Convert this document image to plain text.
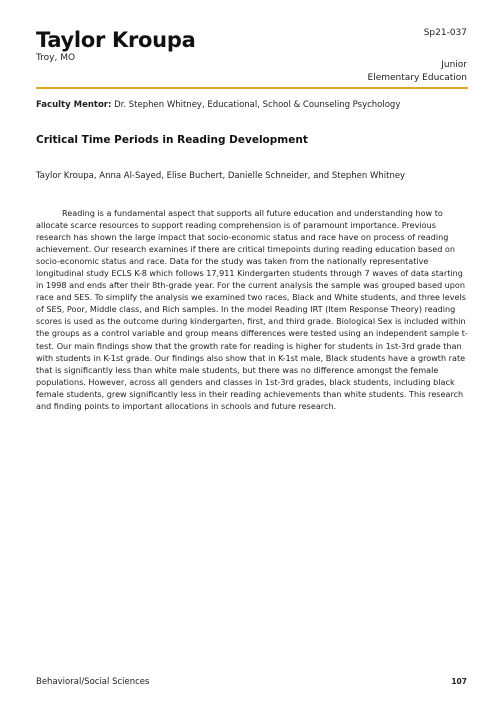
Taylor Kroupa
Troy, MO
Sp21-037
Junior
Elementary Education
Faculty Mentor: Dr. Stephen Whitney, Educational, School & Counseling Psychology
Critical Time Periods in Reading Development
Taylor Kroupa, Anna Al-Sayed, Elise Buchert, Danielle Schneider, and Stephen Whitney
Reading is a fundamental aspect that supports all future education and understanding how to allocate scarce resources to support reading comprehension is of paramount importance. Previous research has shown the large impact that socio-economic status and race have on process of reading achievement. Our research examines if there are critical timepoints during reading education based on socio-economic status and race. Data for the study was taken from the nationally representative longitudinal study ECLS K-8 which follows 17,911 Kindergarten students through 7 waves of data starting in 1998 and ends after their 8th-grade year. For the current analysis the sample was grouped based upon race and SES. To simplify the analysis we examined two races, Black and White students, and three levels of SES, Poor, Middle class, and Rich samples. In the model Reading IRT (Item Response Theory) reading scores is used as the outcome during kindergarten, first, and third grade. Biological Sex is included within the groups as a control variable and group means differences were tested using an independent sample t-test. Our main findings show that the growth rate for reading is higher for students in 1st-3rd grade than with students in K-1st grade. Our findings also show that in K-1st male, Black students have a growth rate that is significantly less than white male students, but there was no difference amongst the female populations. However, across all genders and classes in 1st-3rd grades, black students, including black female students, grew significantly less in their reading achievements than white students. This research and finding points to important allocations in schools and future research.
Behavioral/Social Sciences	107
